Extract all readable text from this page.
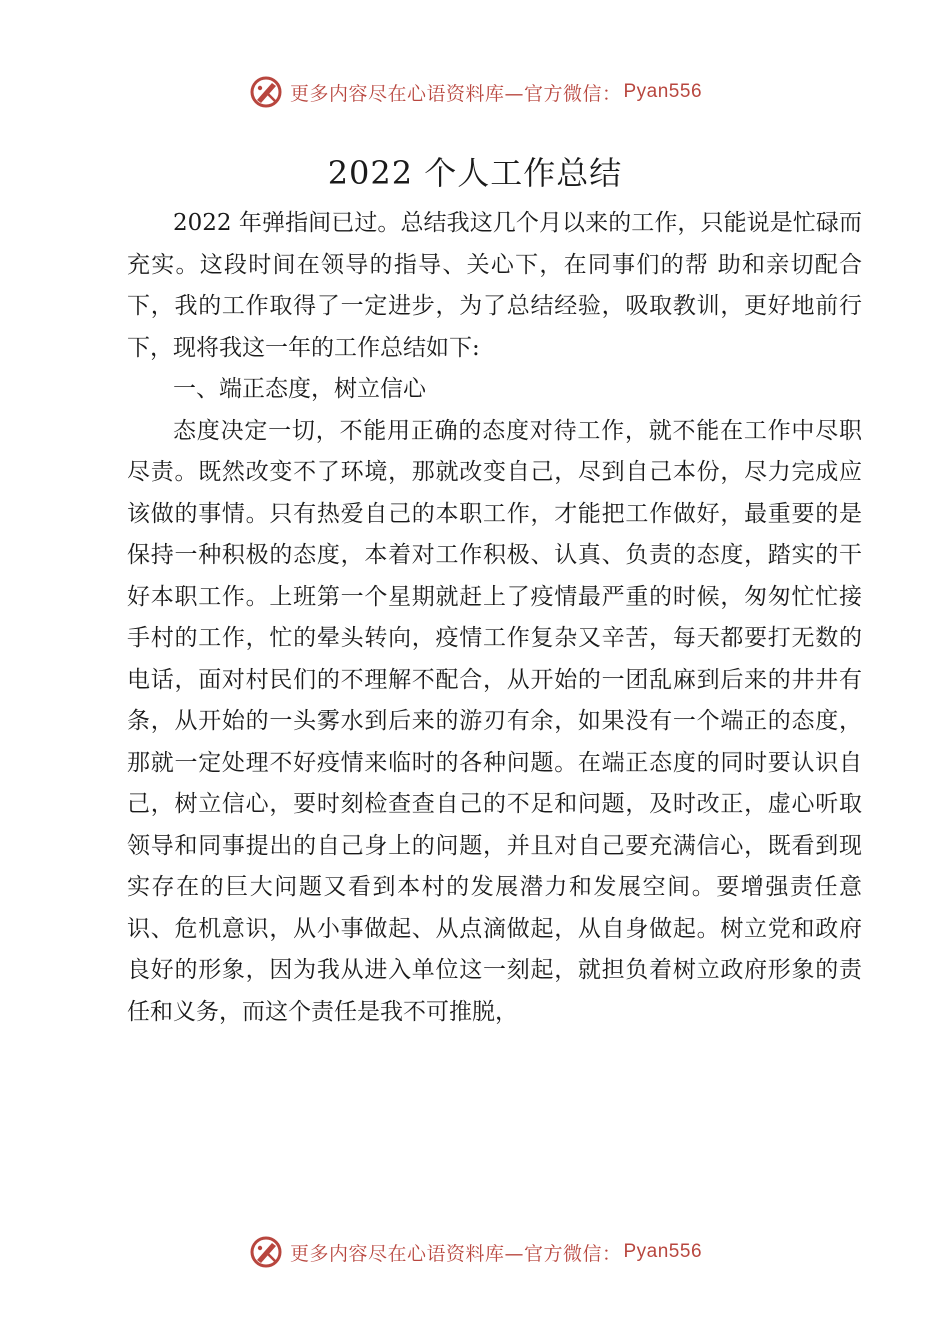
更多内容尽在心语资料库—官方微信： Pyan556
2022 个人工作总结

2022 年弹指间已过。总结我这几个月以来的工作，只能说是忙碌而充实。这段时间在领导的指导、关心下，在同事们的帮 助和亲切配合下，我的工作取得了一定进步，为了总结经验，吸取教训，更好地前行下，现将我这一年的工作总结如下:

一、端正态度，树立信心

态度决定一切，不能用正确的态度对待工作，就不能在工作中尽职尽责。既然改变不了环境，那就改变自己，尽到自己本份，尽力完成应该做的事情。只有热爱自己的本职工作，才能把工作做好，最重要的是保持一种积极的态度，本着对工作积极、认真、负责的态度，踏实的干好本职工作。上班第一个星期就赶上了疫情最严重的时候，匆匆忙忙接手村的工作，忙的晕头转向，疫情工作复杂又辛苦，每天都要打无数的电话，面对村民们的不理解不配合，从开始的一团乱麻到后来的井井有条，从开始的一头雾水到后来的游刃有余，如果没有一个端正的态度，那就一定处理不好疫情来临时的各种问题。在端正态度的同时要认识自己，树立信心，要时刻检查查自己的不足和问题，及时改正，虚心听取领导和同事提出的自己身上的问题，并且对自己要充满信心，既看到现实存在的巨大问题又看到本村的发展潜力和发展空间。要增强责任意识、危机意识，从小事做起、从点滴做起，从自身做起。树立党和政府良好的形象，因为我从进入单位这一刻起，就担负着树立政府形象的责任和义务，而这个责任是我不可推脱，

更多内容尽在心语资料库—官方微信： Pyan556
